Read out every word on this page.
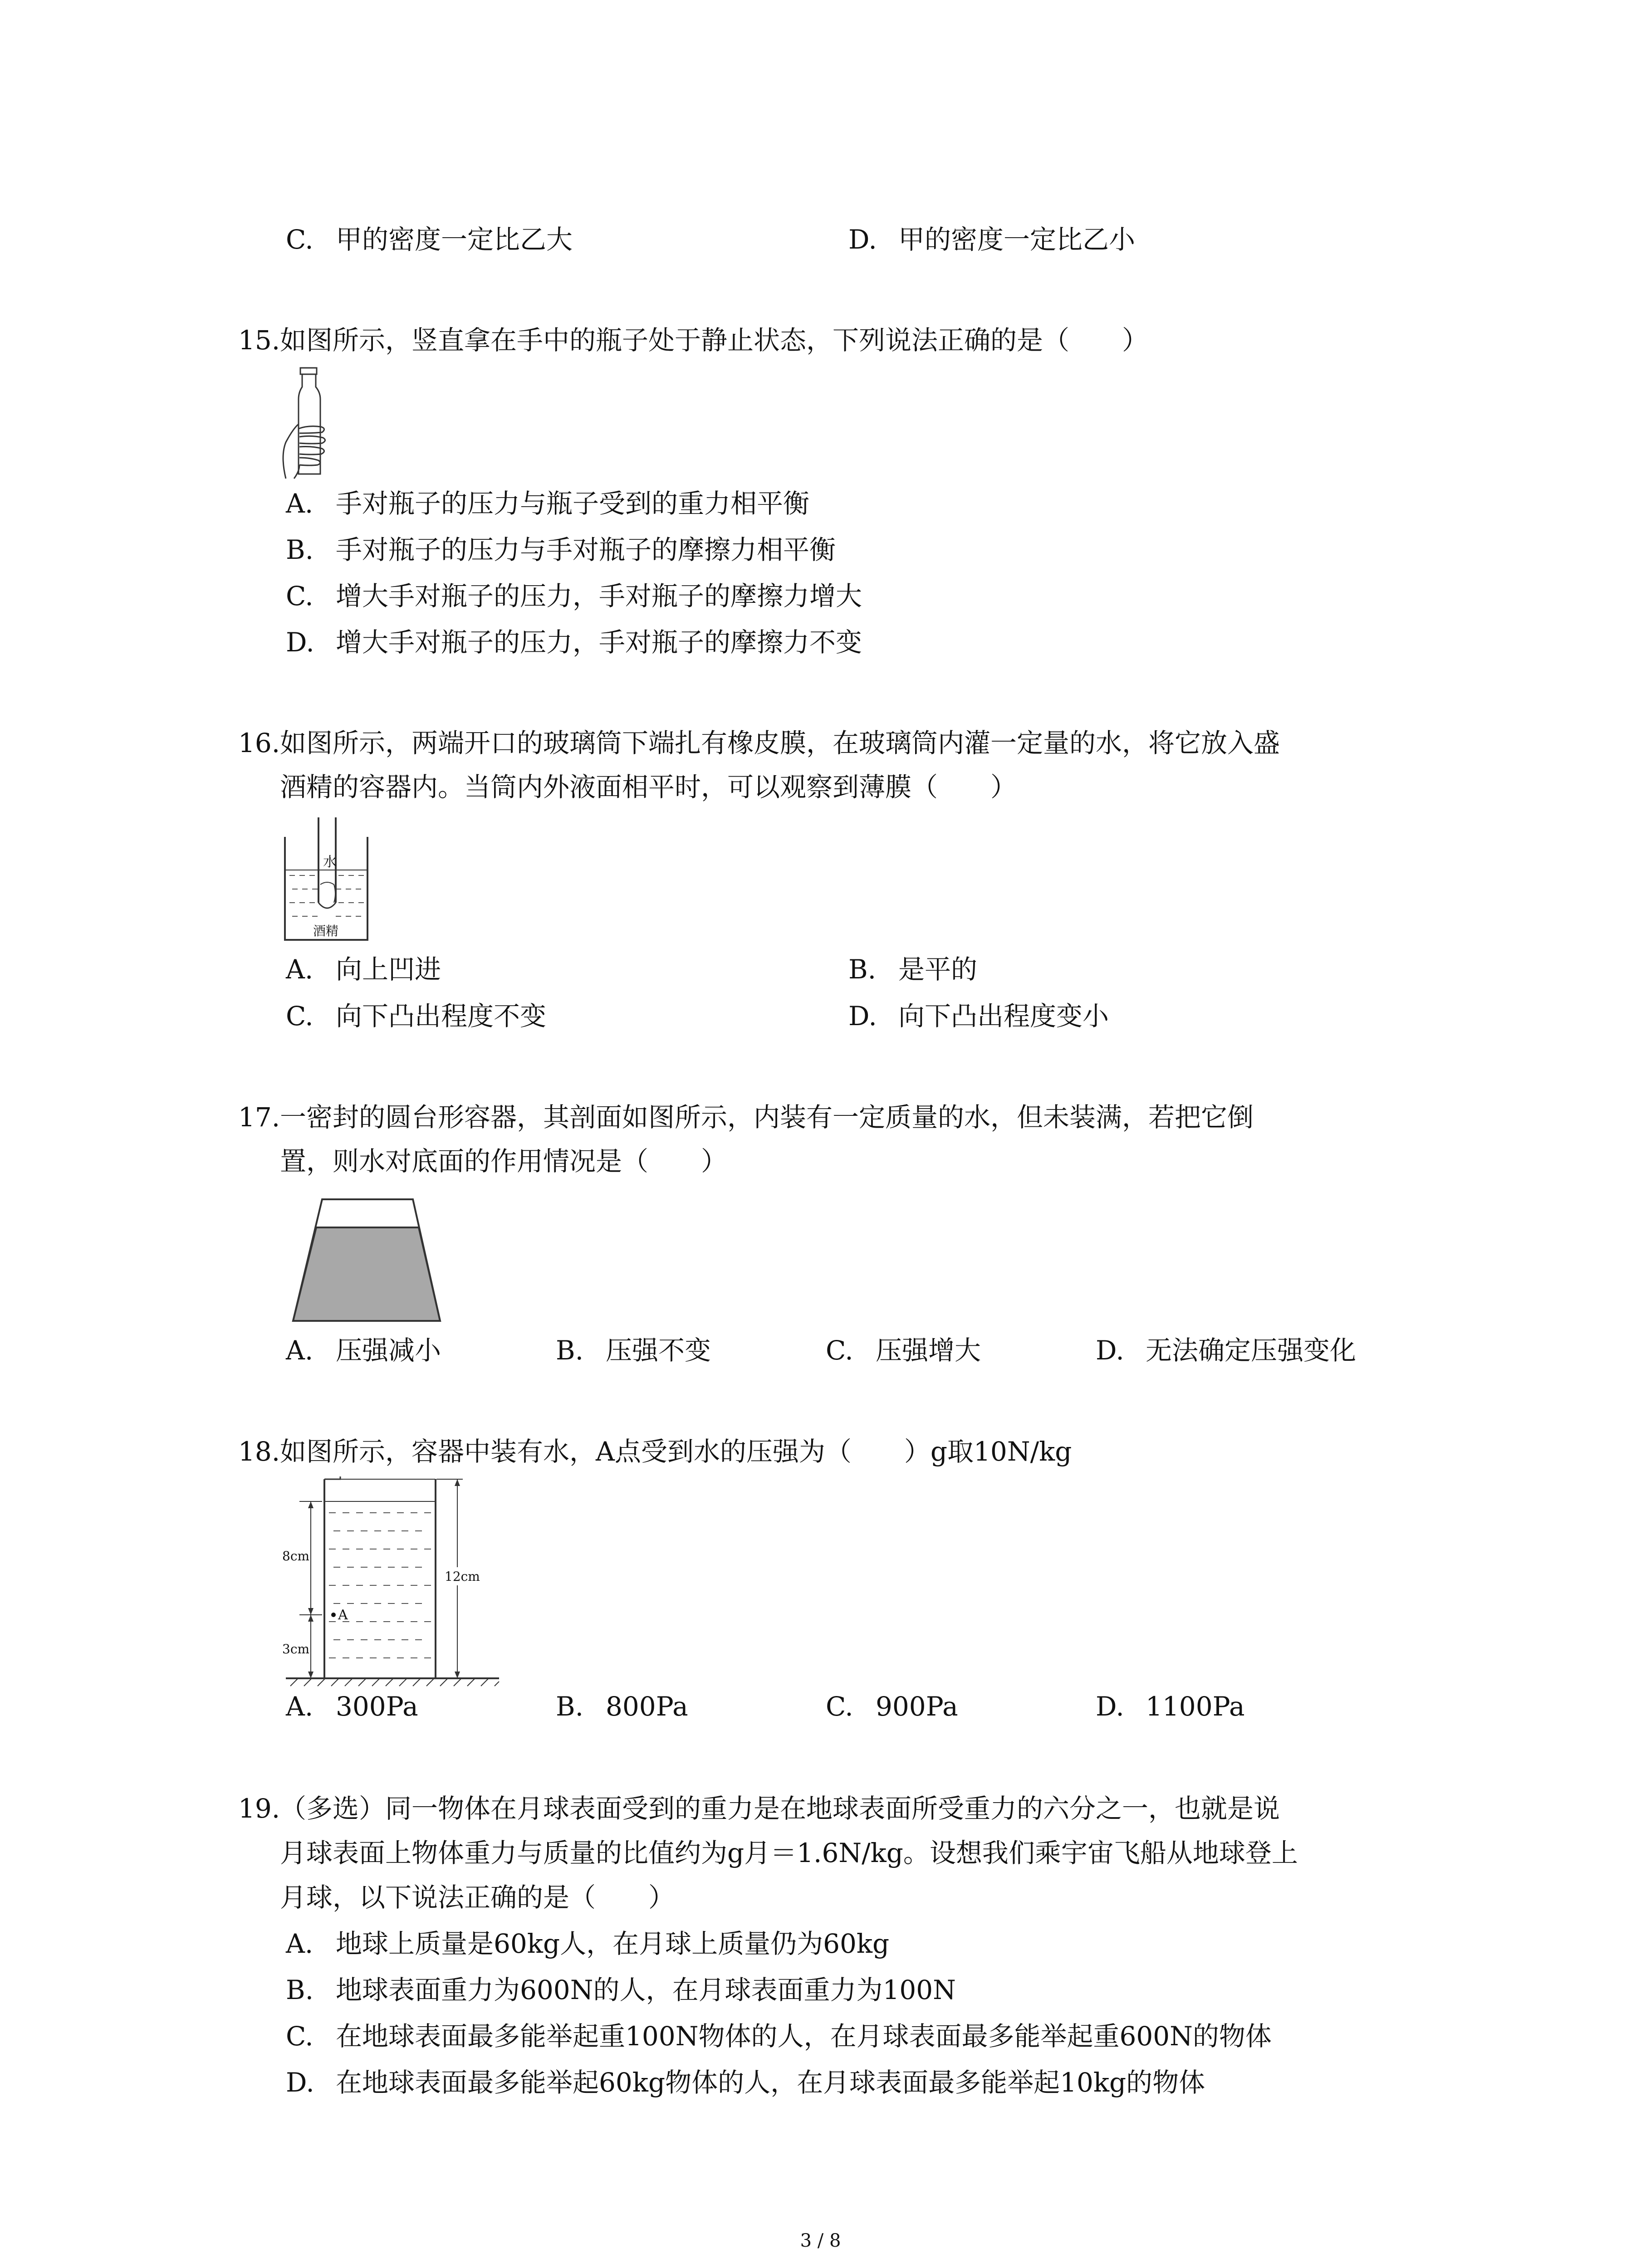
C. 甲的密度一定比乙大	D. 甲的密度一定比乙小
15.如图所示，竖直拿在手中的瓶子处于静止状态，下列说法正确的是（　　）
A. 手对瓶子的压力与瓶子受到的重力相平衡
B. 手对瓶子的压力与手对瓶子的摩擦力相平衡
C. 增大手对瓶子的压力，手对瓶子的摩擦力增大
D. 增大手对瓶子的压力，手对瓶子的摩擦力不变
16.如图所示，两端开口的玻璃筒下端扎有橡皮膜，在玻璃筒内灌一定量的水，将它放入盛
酒精的容器内。当筒内外液面相平时，可以观察到薄膜（　　）
水
酒精
A. 向上凹进	B. 是平的
C. 向下凸出程度不变	D. 向下凸出程度变小
17.一密封的圆台形容器，其剖面如图所示，内装有一定质量的水，但未装满，若把它倒
置，则水对底面的作用情况是（　　）
A. 压强减小	B. 压强不变	C. 压强增大	D. 无法确定压强变化
18.如图所示，容器中装有水，A点受到水的压强为（　　）g取10N/kg
8cm
3cm
A
12cm
A. 300Pa	B. 800Pa	C. 900Pa	D. 1100Pa
19.（多选）同一物体在月球表面受到的重力是在地球表面所受重力的六分之一，也就是说
月球表面上物体重力与质量的比值约为g月＝1.6N/kg。设想我们乘宇宙飞船从地球登上
月球，以下说法正确的是（　　）
A. 地球上质量是60kg人，在月球上质量仍为60kg
B. 地球表面重力为600N的人，在月球表面重力为100N
C. 在地球表面最多能举起重100N物体的人，在月球表面最多能举起重600N的物体
D. 在地球表面最多能举起60kg物体的人，在月球表面最多能举起10kg的物体
3 / 8
